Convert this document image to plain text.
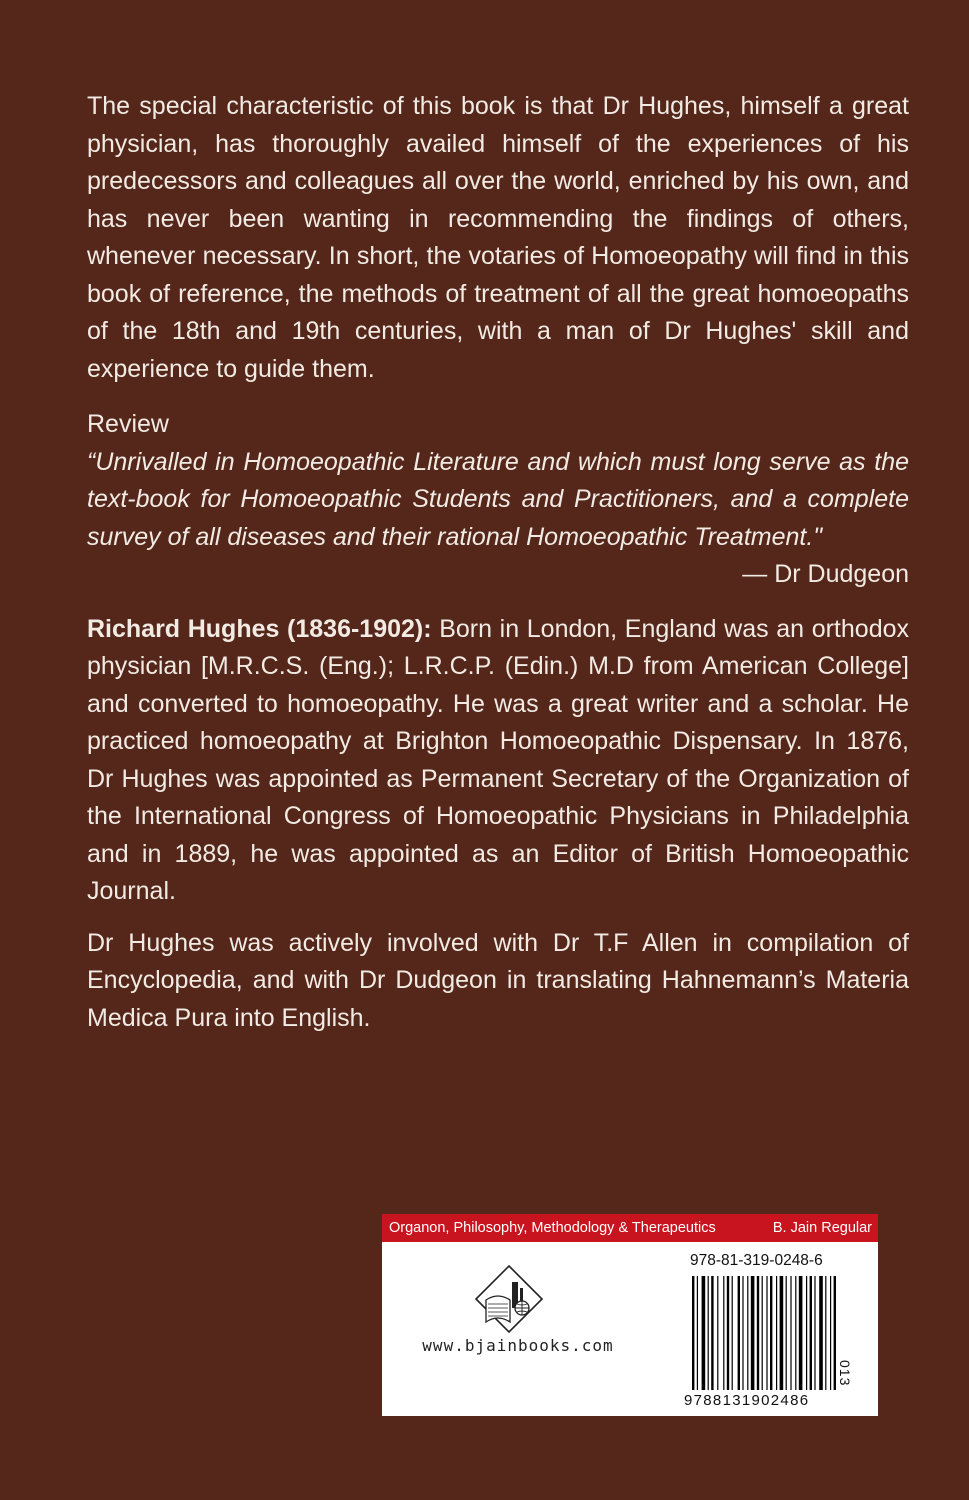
The special characteristic of this book is that Dr Hughes, himself a great physician, has thoroughly availed himself of the experiences of his predecessors and colleagues all over the world, enriched by his own, and has never been wanting in recommending the findings of others, whenever necessary. In short, the votaries of Homoeopathy will find in this book of reference, the methods of treatment of all the great homoeopaths of the 18th and 19th centuries, with a man of Dr Hughes' skill and experience to guide them.

Review

“Unrivalled in Homoeopathic Literature and which must long serve as the text-book for Homoeopathic Students and Practitioners, and a complete survey of all diseases and their rational Homoeopathic Treatment."

— Dr Dudgeon

Richard Hughes (1836-1902): Born in London, England was an orthodox physician [M.R.C.S. (Eng.); L.R.C.P. (Edin.) M.D from American College] and converted to homoeopathy. He was a great writer and a scholar. He practiced homoeopathy at Brighton Homoeopathic Dispensary. In 1876, Dr Hughes was appointed as Permanent Secretary of the Organization of the International Congress of Homoeopathic Physicians in Philadelphia and in 1889, he was appointed as an Editor of British Homoeopathic Journal.

Dr Hughes was actively involved with Dr T.F Allen in compilation of Encyclopedia, and with Dr Dudgeon in translating Hahnemann’s Materia Medica Pura into English.

Organon, Philosophy, Methodology & Therapeutics	B. Jain Regular
www.bjainbooks.com
978-81-319-0248-6
9788131902486
013
